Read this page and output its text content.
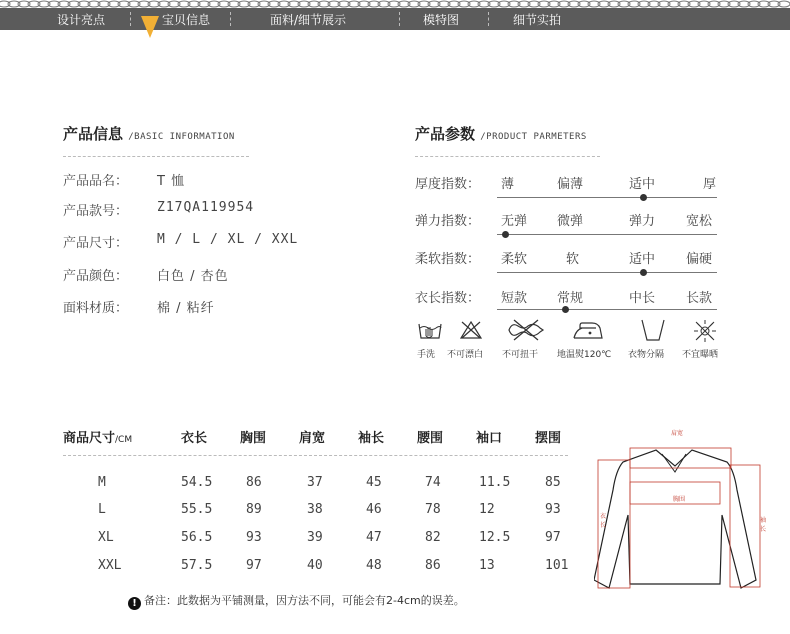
设计亮点	宝贝信息	面料/细节展示	模特图	细节实拍
产品信息 /BASIC INFORMATION
产品品名： T 恤
产品款号： Z17QA119954
产品尺寸： M / L / XL / XXL
产品颜色： 白色 / 杏色
面料材质： 棉 / 粘纤
产品参数 /PRODUCT PARMETERS
厚度指数： 薄	偏薄	适中	厚
弹力指数： 无弹 微弹	弹力 宽松
柔软指数： 柔软	软	适中 偏硬
衣长指数： 短款 常规	中长 长款
手洗 不可漂白 不可扭干 地温熨120℃ 衣物分隔 不宜曝晒
商品尺寸/CM	衣长	胸围	肩宽	袖长	腰围	袖口	摆围
M	54.5	86	37	45	74	11.5	85
L	55.5	89	38	46	78	12	93
XL	56.5	93	39	47	82	12.5	97
XXL	57.5	97	40	48	86	13	101
! 备注：此数据为平铺测量，因方法不同，可能会有2-4cm的误差。
肩宽
胸围
衣长
袖长
